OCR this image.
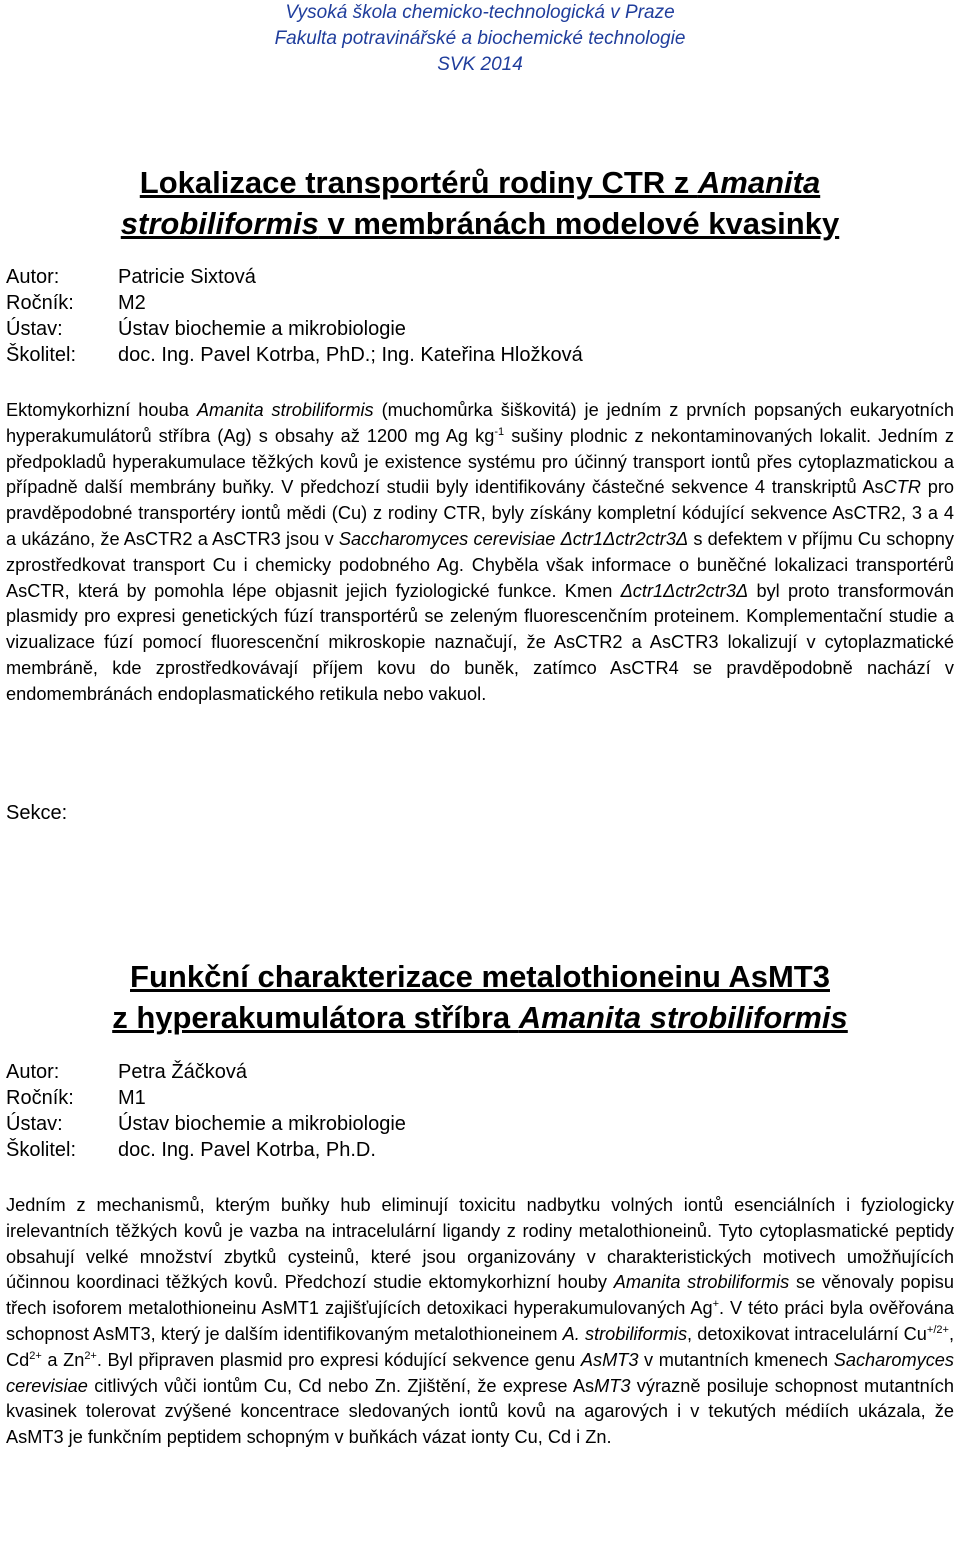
Vysoká škola chemicko-technologická v Praze
Fakulta potravinářské a biochemické technologie
SVK 2014
Lokalizace transportérů rodiny CTR z Amanita
strobiliformis v membránách modelové kvasinky
Autor:	Patricie Sixtová
Ročník:	M2
Ústav:	Ústav biochemie a mikrobiologie
Školitel:	doc. Ing. Pavel Kotrba, PhD.; Ing. Kateřina Hložková
Ektomykorhizní houba Amanita strobiliformis (muchomůrka šiškovitá) je jedním z prvních popsaných eukaryotních hyperakumulátorů stříbra (Ag) s obsahy až 1200 mg Ag $kg^{-1}$ sušiny plodnic z nekontaminovaných lokalit. Jedním z předpokladů hyperakumulace těžkých kovů je existence systému pro účinný transport iontů přes cytoplazmatickou a případně další membrány buňky. V předchozí studii byly identifikovány částečné sekvence 4 transkriptů AsCTR pro pravděpodobné transportéry iontů mědi (Cu) z rodiny CTR, byly získány kompletní kódující sekvence AsCTR2, 3 a 4 a ukázáno, že AsCTR2 a AsCTR3 jsou v Saccharomyces cerevisiae Δctr1Δctr2ctr3Δ s defektem v příjmu Cu schopny zprostředkovat transport Cu i chemicky podobného Ag. Chyběla však informace o buněčné lokalizaci transportérů AsCTR, která by pomohla lépe objasnit jejich fyziologické funkce. Kmen Δctr1Δctr2ctr3Δ byl proto transformován plasmidy pro expresi genetických fúzí transportérů se zeleným fluorescenčním proteinem. Komplementační studie a vizualizace fúzí pomocí fluorescenční mikroskopie naznačují, že AsCTR2 a AsCTR3 lokalizují v cytoplazmatické membráně, kde zprostředkovávají příjem kovu do buněk, zatímco AsCTR4 se pravděpodobně nachází v endomembránách endoplasmatického retikula nebo vakuol.
Sekce:
Funkční charakterizace metalothioneinu AsMT3
z hyperakumulátora stříbra Amanita strobiliformis
Autor:	Petra Žáčková
Ročník:	M1
Ústav:	Ústav biochemie a mikrobiologie
Školitel:	doc. Ing. Pavel Kotrba, Ph.D.
Jedním z mechanismů, kterým buňky hub eliminují toxicitu nadbytku volných iontů esenciálních i fyziologicky irelevantních těžkých kovů je vazba na intracelulární ligandy z rodiny metalothioneinů. Tyto cytoplasmatické peptidy obsahují velké množství zbytků cysteinů, které jsou organizovány v charakteristických motivech umožňujících účinnou koordinaci těžkých kovů. Předchozí studie ektomykorhizní houby Amanita strobiliformis se věnovaly popisu třech isoforem metalothioneinu AsMT1 zajišťujících detoxikaci hyperakumulovaných Ag+. V této práci byla ověřována schopnost AsMT3, který je dalším identifikovaným metalothioneinem A. strobiliformis, detoxikovat intracelulární $Cu^{+/2+}$, $Cd^{2+}$ a $Zn^{2+}$. Byl připraven plasmid pro expresi kódující sekvence genu AsMT3 v mutantních kmenech Sacharomyces cerevisiae citlivých vůči iontům Cu, Cd nebo Zn. Zjištění, že exprese AsMT3 výrazně posiluje schopnost mutantních kvasinek tolerovat zvýšené koncentrace sledovaných iontů kovů na agarových i v tekutých médiích ukázala, že AsMT3 je funkčním peptidem schopným v buňkách vázat ionty Cu, Cd i Zn.
